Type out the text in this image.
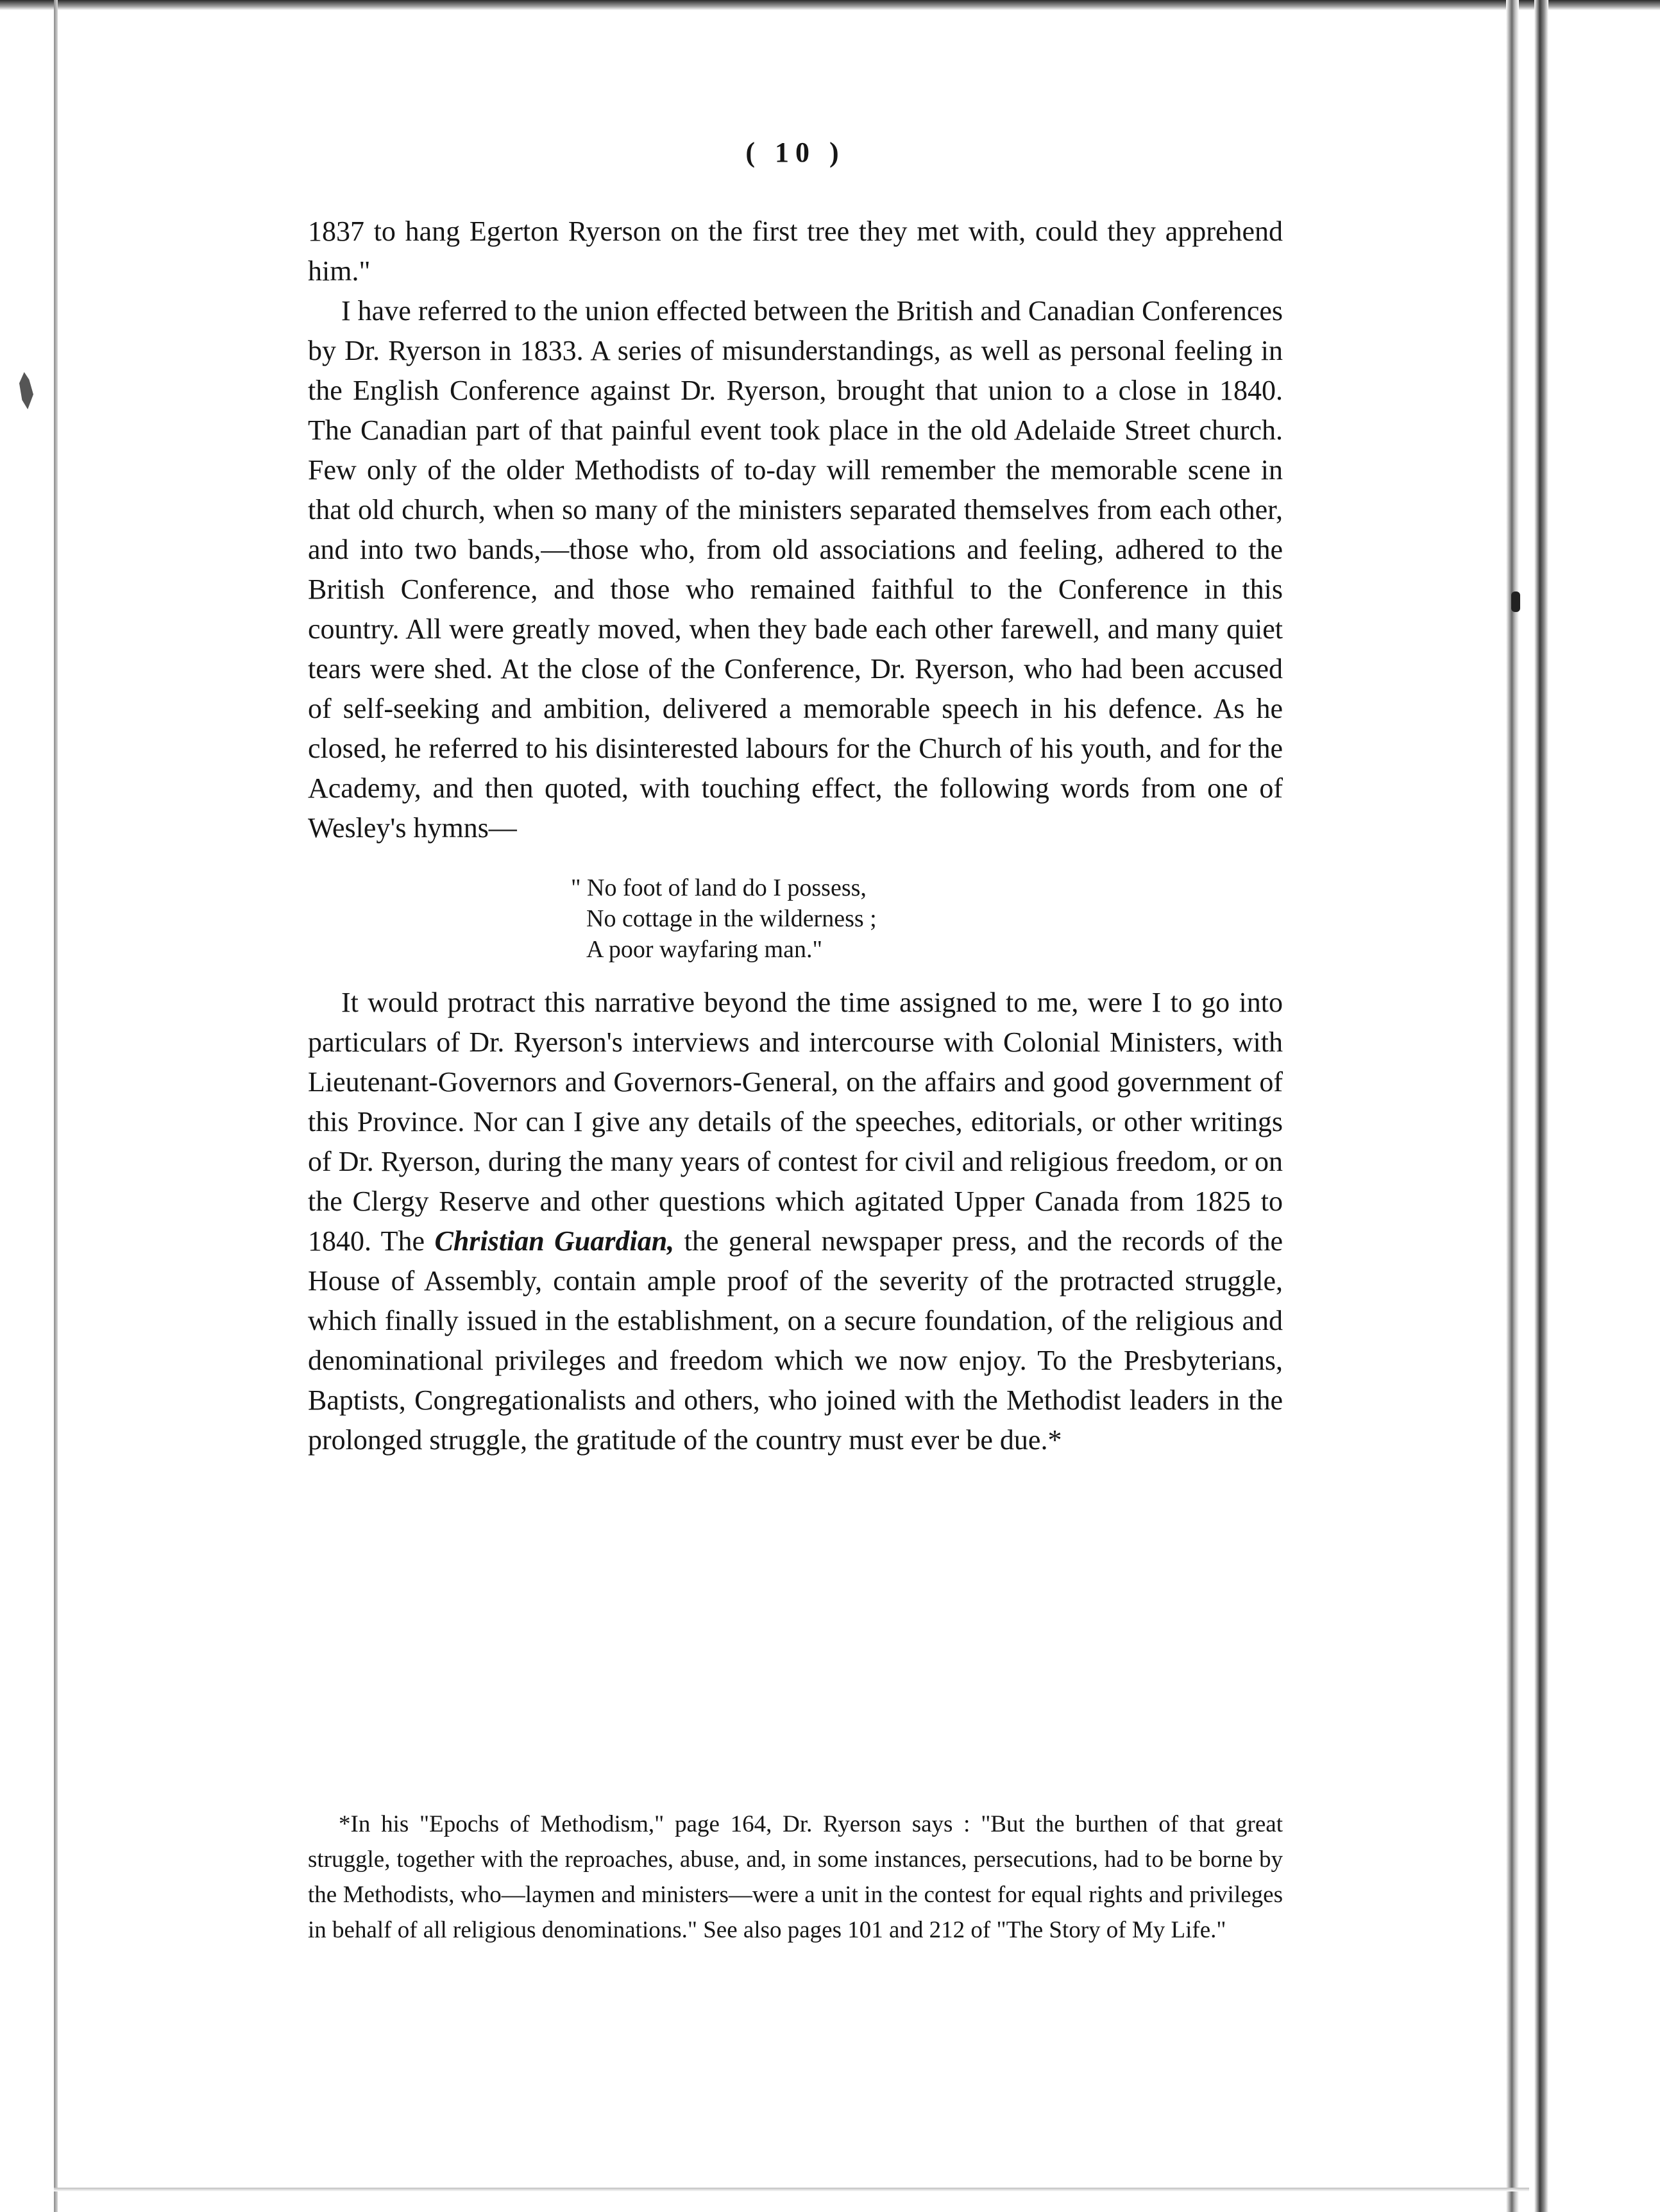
( 10 )

1837 to hang Egerton Ryerson on the first tree they met with, could they apprehend him."

I have referred to the union effected between the British and Canadian Conferences by Dr. Ryerson in 1833. A series of misunderstandings, as well as personal feeling in the English Conference against Dr. Ryerson, brought that union to a close in 1840. The Canadian part of that painful event took place in the old Adelaide Street church. Few only of the older Methodists of to-day will remember the memorable scene in that old church, when so many of the ministers separated themselves from each other, and into two bands,—those who, from old associations and feeling, adhered to the British Conference, and those who remained faithful to the Conference in this country. All were greatly moved, when they bade each other farewell, and many quiet tears were shed. At the close of the Conference, Dr. Ryerson, who had been accused of self-seeking and ambition, delivered a memorable speech in his defence. As he closed, he referred to his disinterested labours for the Church of his youth, and for the Academy, and then quoted, with touching effect, the following words from one of Wesley's hymns—

" No foot of land do I possess,
No cottage in the wilderness ;
A poor wayfaring man."

It would protract this narrative beyond the time assigned to me, were I to go into particulars of Dr. Ryerson's interviews and intercourse with Colonial Ministers, with Lieutenant-Governors and Governors-General, on the affairs and good government of this Province. Nor can I give any details of the speeches, editorials, or other writings of Dr. Ryerson, during the many years of contest for civil and religious freedom, or on the Clergy Reserve and other questions which agitated Upper Canada from 1825 to 1840. The Christian Guardian, the general newspaper press, and the records of the House of Assembly, contain ample proof of the severity of the protracted struggle, which finally issued in the establishment, on a secure foundation, of the religious and denominational privileges and freedom which we now enjoy. To the Presbyterians, Baptists, Congregationalists and others, who joined with the Methodist leaders in the prolonged struggle, the gratitude of the country must ever be due.*

*In his "Epochs of Methodism," page 164, Dr. Ryerson says : "But the burthen of that great struggle, together with the reproaches, abuse, and, in some instances, persecutions, had to be borne by the Methodists, who—laymen and ministers—were a unit in the contest for equal rights and privileges in behalf of all religious denominations." See also pages 101 and 212 of "The Story of My Life."
